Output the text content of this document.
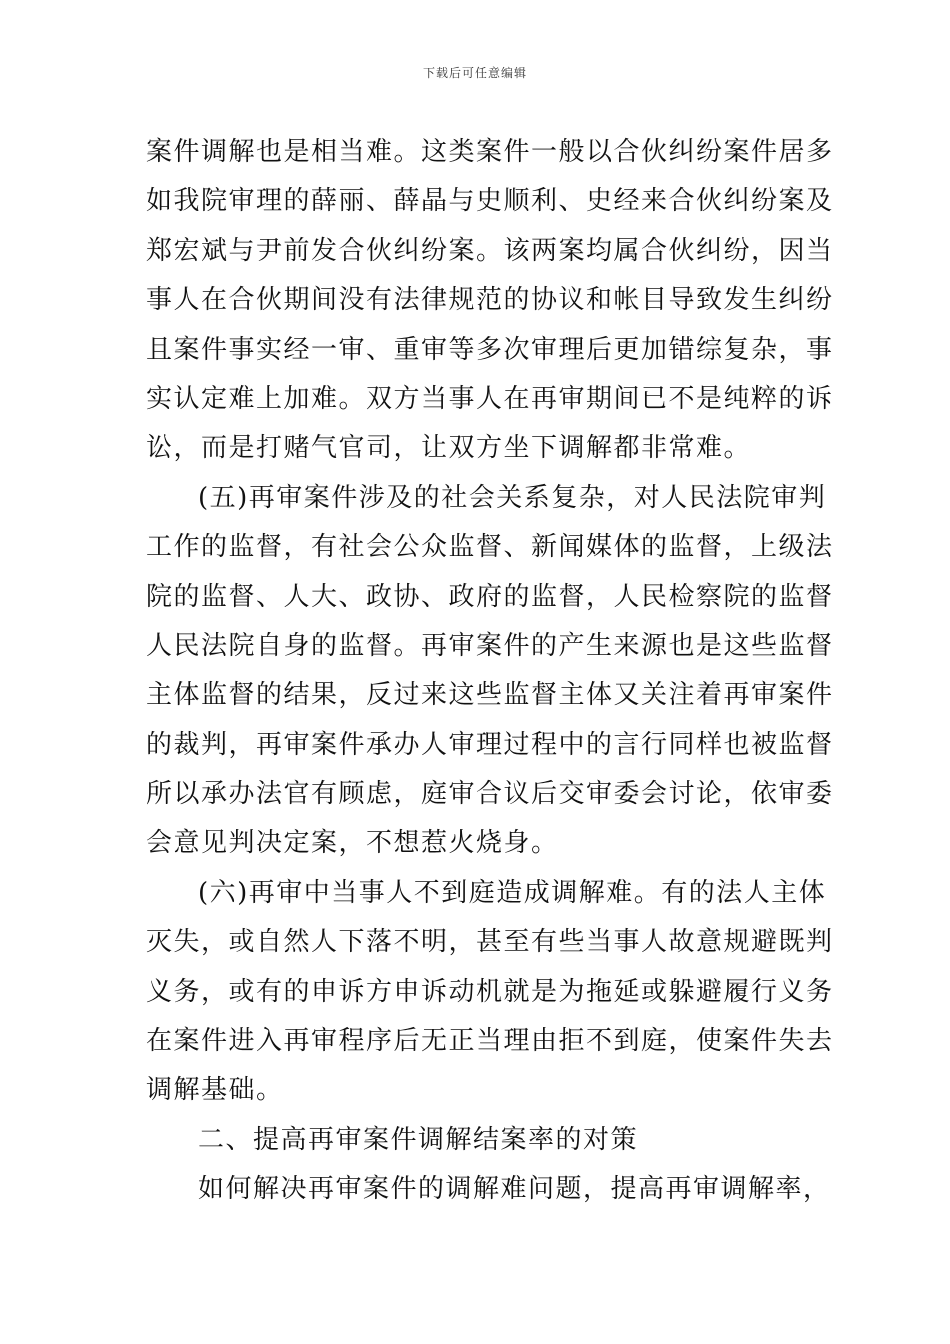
下载后可任意编辑
案件调解也是相当难。这类案件一般以合伙纠纷案件居多
如我院审理的薛丽、薛晶与史顺利、史经来合伙纠纷案及
郑宏斌与尹前发合伙纠纷案。该两案均属合伙纠纷，因当
事人在合伙期间没有法律规范的协议和帐目导致发生纠纷
且案件事实经一审、重审等多次审理后更加错综复杂，事
实认定难上加难。双方当事人在再审期间已不是纯粹的诉
讼，而是打赌气官司，让双方坐下调解都非常难。
(五)再审案件涉及的社会关系复杂，对人民法院审判
工作的监督，有社会公众监督、新闻媒体的监督，上级法
院的监督、人大、政协、政府的监督，人民检察院的监督
人民法院自身的监督。再审案件的产生来源也是这些监督
主体监督的结果，反过来这些监督主体又关注着再审案件
的裁判，再审案件承办人审理过程中的言行同样也被监督
所以承办法官有顾虑，庭审合议后交审委会讨论，依审委
会意见判决定案，不想惹火烧身。
(六)再审中当事人不到庭造成调解难。有的法人主体
灭失，或自然人下落不明，甚至有些当事人故意规避既判
义务，或有的申诉方申诉动机就是为拖延或躲避履行义务
在案件进入再审程序后无正当理由拒不到庭，使案件失去
调解基础。
二、提高再审案件调解结案率的对策
如何解决再审案件的调解难问题，提高再审调解率，
